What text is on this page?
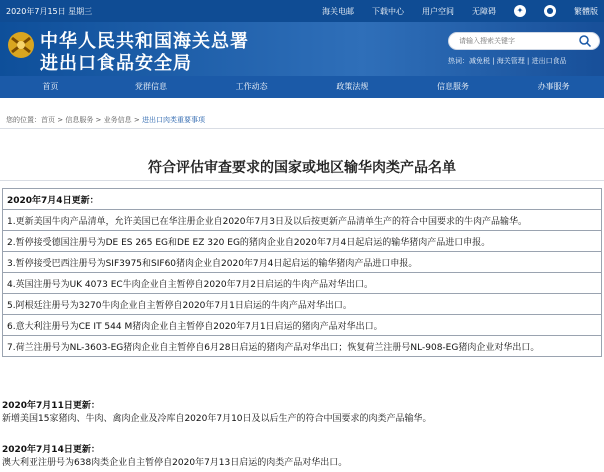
2020年7月15日 星期三	海关电邮 下载中心 用户空间 无障碍	✦	●	繁體版
中华人民共和国海关总署
进出口食品安全局
请输入搜索关键字	热词：减免税 | 海关管理 | 进出口食品
首页	党群信息	工作动态	政策法规	信息服务	办事服务
您的位置：首页 > 信息服务 > 业务信息 > 进出口肉类重要事项
符合评估审查要求的国家或地区输华肉类产品名单
2020年7月4日更新：
1.更新美国牛肉产品清单，允许美国已在华注册企业自2020年7月3日及以后按更新产品清单生产的符合中国要求的牛肉产品输华。
2.暂停接受德国注册号为DE ES 265 EG和DE EZ 320 EG的猪肉企业自2020年7月4日起启运的输华猪肉产品进口申报。
3.暂停接受巴西注册号为SIF3975和SIF60猪肉企业自2020年7月4日起启运的输华猪肉产品进口申报。
4.英国注册号为UK 4073 EC牛肉企业自主暂停自2020年7月2日启运的牛肉产品对华出口。
5.阿根廷注册号为3270牛肉企业自主暂停自2020年7月1日启运的牛肉产品对华出口。
6.意大利注册号为CE IT 544 M猪肉企业自主暂停自2020年7月1日启运的猪肉产品对华出口。
7.荷兰注册号为NL-3603-EG猪肉企业自主暂停自6月28日启运的猪肉产品对华出口；恢复荷兰注册号NL-908-EG猪肉企业对华出口。
2020年7月11日更新：
新增美国15家猪肉、牛肉、禽肉企业及冷库自2020年7月10日及以后生产的符合中国要求的肉类产品输华。
2020年7月14日更新：
澳大利亚注册号为638肉类企业自主暂停自2020年7月13日启运的肉类产品对华出口。
